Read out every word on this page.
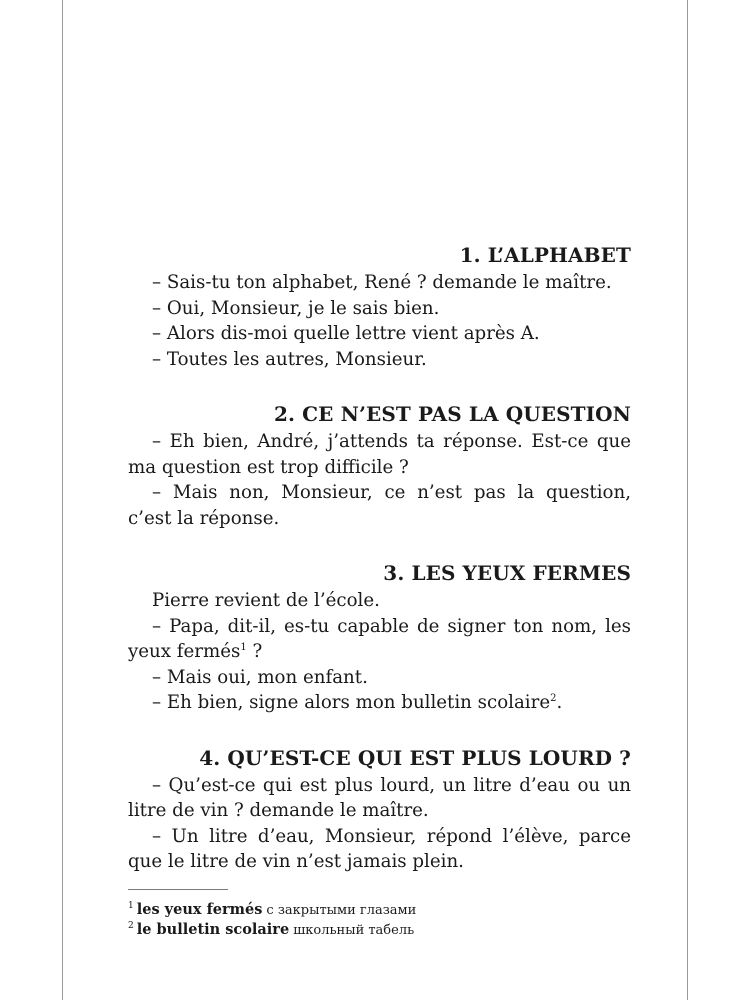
1. L’ALPHABET

– Sais-tu ton alphabet, René ? demande le maître.

– Oui, Monsieur, je le sais bien.

– Alors dis-moi quelle lettre vient après A.

– Toutes les autres, Monsieur.

2. CE N’EST PAS LA QUESTION

– Eh bien, André, j’attends ta réponse. Est-ce que ma question est trop difficile ?

– Mais non, Monsieur, ce n’est pas la question, c’est la réponse.

3. LES YEUX FERMES

Pierre revient de l’école.

– Papa, dit-il, es-tu capable de signer ton nom, les yeux fermés$^1$ ?

– Mais oui, mon enfant.

– Eh bien, signe alors mon bulletin scolaire$^2$.

4. QU’EST-CE QUI EST PLUS LOURD ?

– Qu’est-ce qui est plus lourd, un litre d’eau ou un litre de vin ? demande le maître.

– Un litre d’eau, Monsieur, répond l’élève, parce que le litre de vin n’est jamais plein.

$^1$ les yeux fermés с закрытыми глазами

$^2$ le bulletin scolaire школьный табель
